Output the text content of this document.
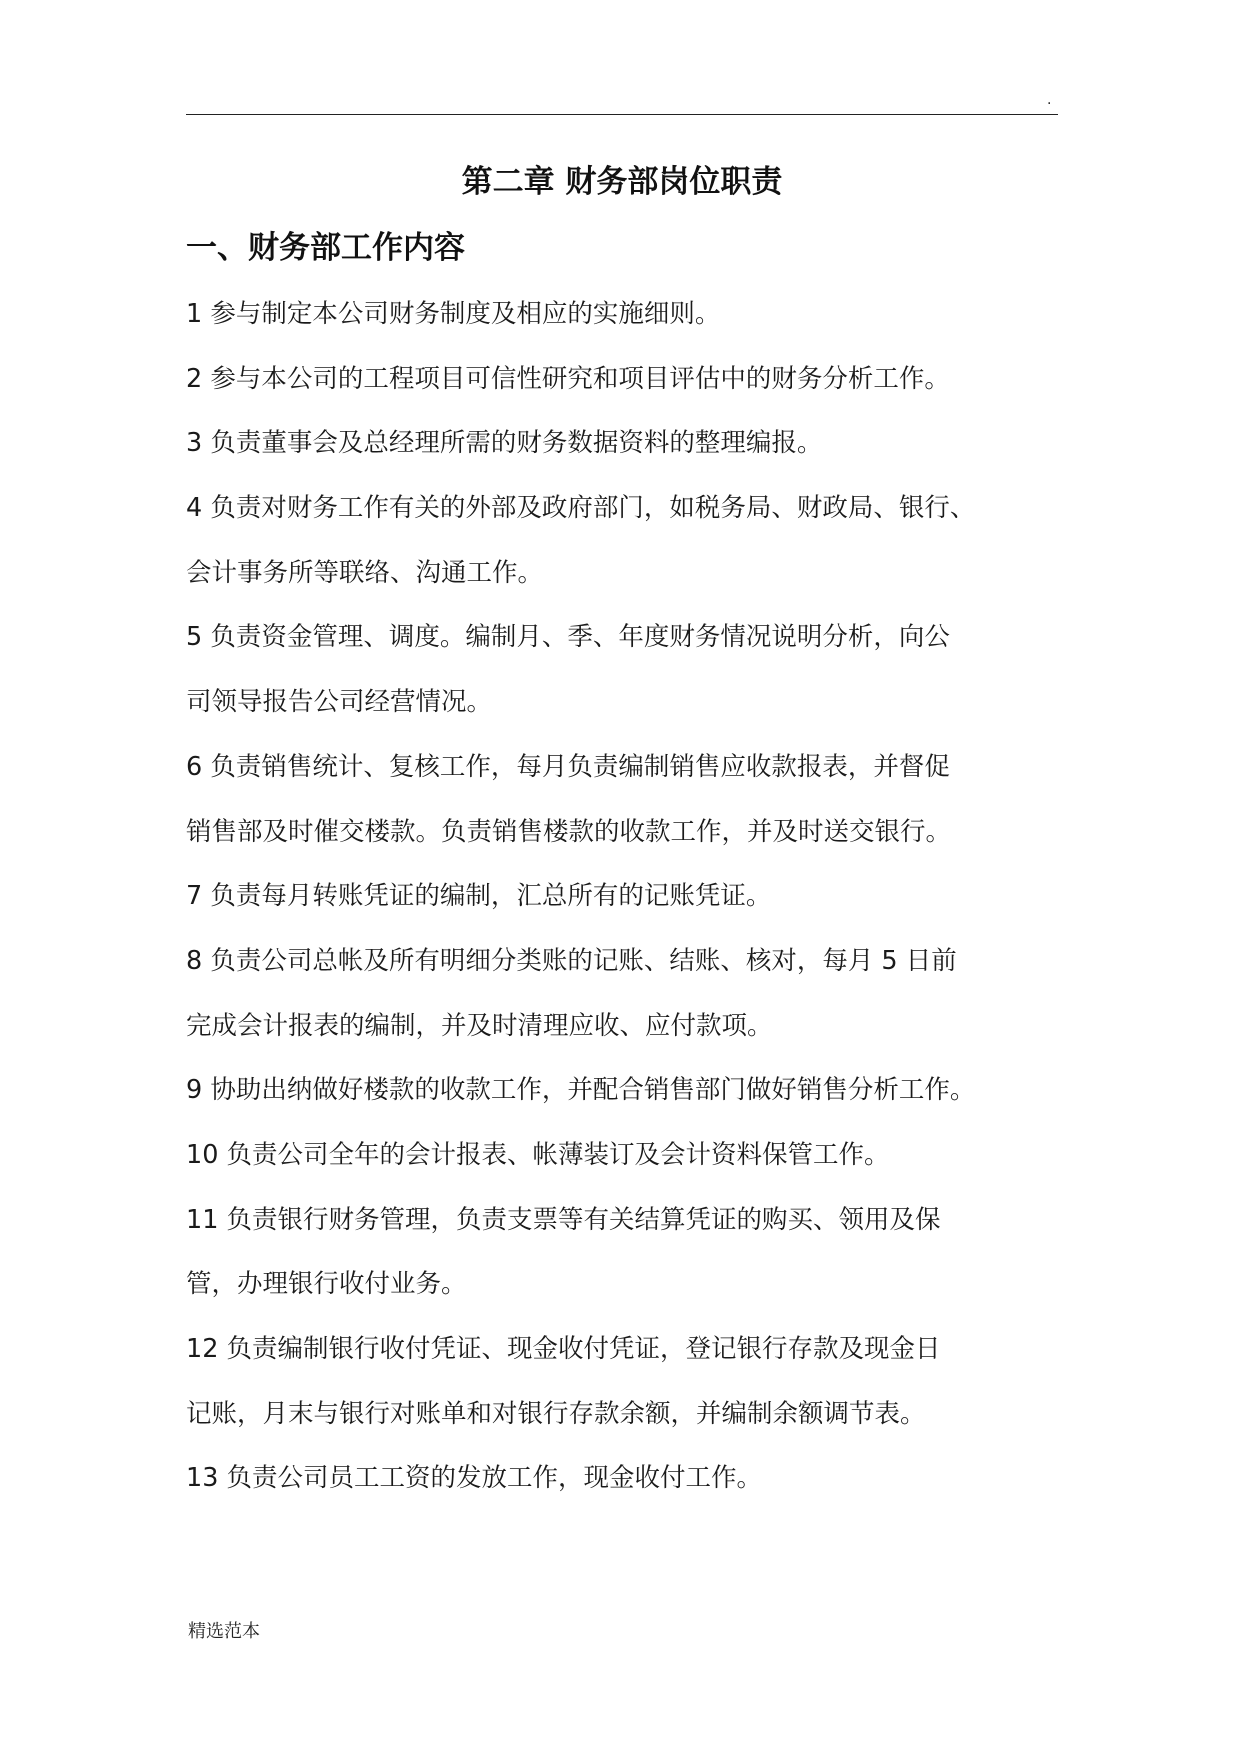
.
第二章 财务部岗位职责
一、财务部工作内容
1 参与制定本公司财务制度及相应的实施细则。
2 参与本公司的工程项目可信性研究和项目评估中的财务分析工作。
3 负责董事会及总经理所需的财务数据资料的整理编报。
4 负责对财务工作有关的外部及政府部门，如税务局、财政局、银行、
会计事务所等联络、沟通工作。
5 负责资金管理、调度。编制月、季、年度财务情况说明分析，向公
司领导报告公司经营情况。
6 负责销售统计、复核工作，每月负责编制销售应收款报表，并督促
销售部及时催交楼款。负责销售楼款的收款工作，并及时送交银行。
7 负责每月转账凭证的编制，汇总所有的记账凭证。
8 负责公司总帐及所有明细分类账的记账、结账、核对，每月 5 日前
完成会计报表的编制，并及时清理应收、应付款项。
9 协助出纳做好楼款的收款工作，并配合销售部门做好销售分析工作。
10 负责公司全年的会计报表、帐薄装订及会计资料保管工作。
11 负责银行财务管理，负责支票等有关结算凭证的购买、领用及保
管，办理银行收付业务。
12 负责编制银行收付凭证、现金收付凭证，登记银行存款及现金日
记账，月末与银行对账单和对银行存款余额，并编制余额调节表。
13 负责公司员工工资的发放工作，现金收付工作。
精选范本
